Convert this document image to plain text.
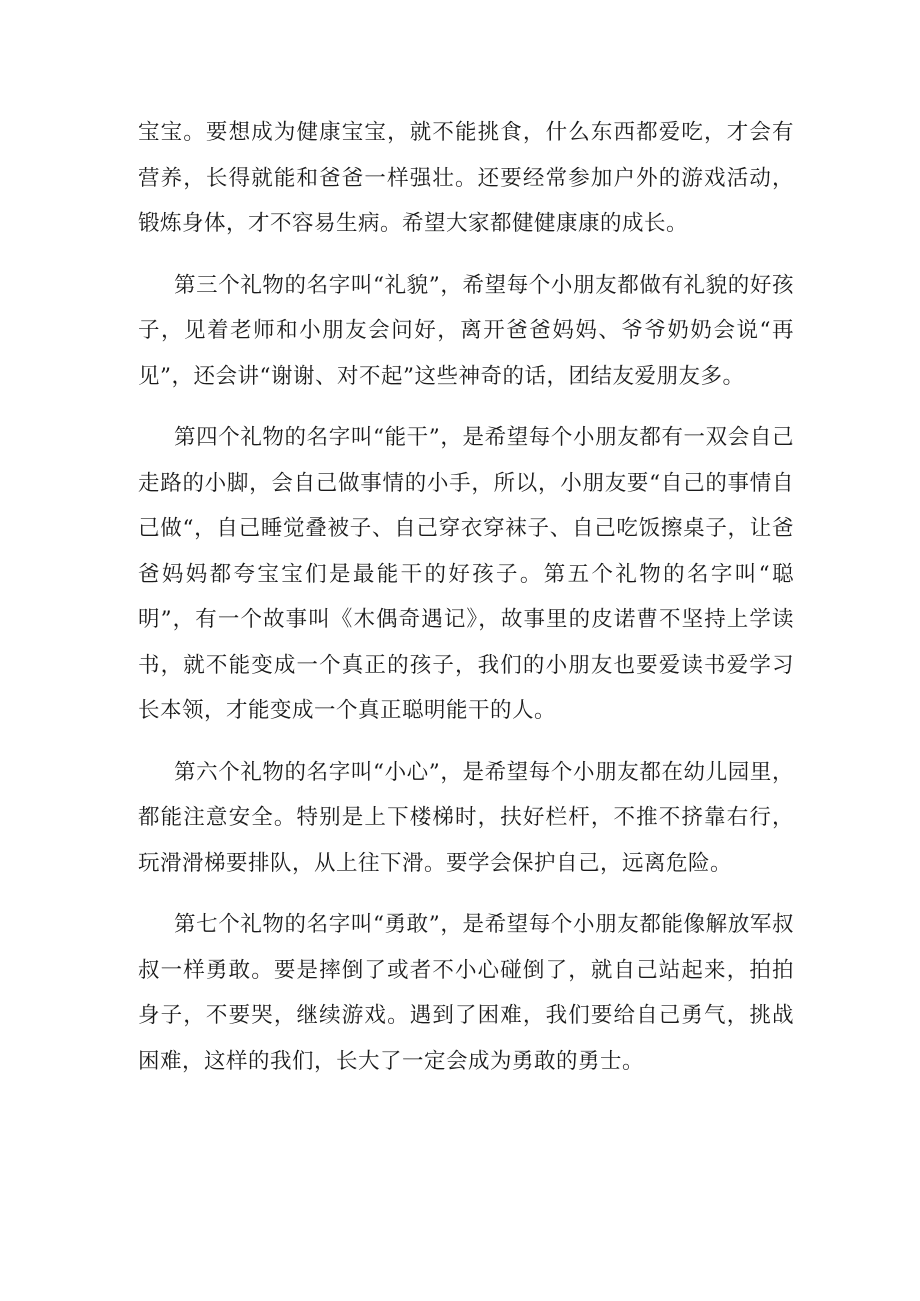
宝宝。要想成为健康宝宝，就不能挑食，什么东西都爱吃，才会有营养，长得就能和爸爸一样强壮。还要经常参加户外的游戏活动，锻炼身体，才不容易生病。希望大家都健健康康的成长。

第三个礼物的名字叫“礼貌”，希望每个小朋友都做有礼貌的好孩子，见着老师和小朋友会问好，离开爸爸妈妈、爷爷奶奶会说“再见”，还会讲“谢谢、对不起”这些神奇的话，团结友爱朋友多。

第四个礼物的名字叫“能干”，是希望每个小朋友都有一双会自己走路的小脚，会自己做事情的小手，所以，小朋友要“自己的事情自己做“，自己睡觉叠被子、自己穿衣穿袜子、自己吃饭擦桌子，让爸爸妈妈都夸宝宝们是最能干的好孩子。第五个礼物的名字叫“聪明”，有一个故事叫《木偶奇遇记》，故事里的皮诺曹不坚持上学读书，就不能变成一个真正的孩子，我们的小朋友也要爱读书爱学习长本领，才能变成一个真正聪明能干的人。

第六个礼物的名字叫“小心”，是希望每个小朋友都在幼儿园里，都能注意安全。特别是上下楼梯时，扶好栏杆，不推不挤靠右行，玩滑滑梯要排队，从上往下滑。要学会保护自己，远离危险。

第七个礼物的名字叫“勇敢”，是希望每个小朋友都能像解放军叔叔一样勇敢。要是摔倒了或者不小心碰倒了，就自己站起来，拍拍身子，不要哭，继续游戏。遇到了困难，我们要给自己勇气，挑战困难，这样的我们，长大了一定会成为勇敢的勇士。
